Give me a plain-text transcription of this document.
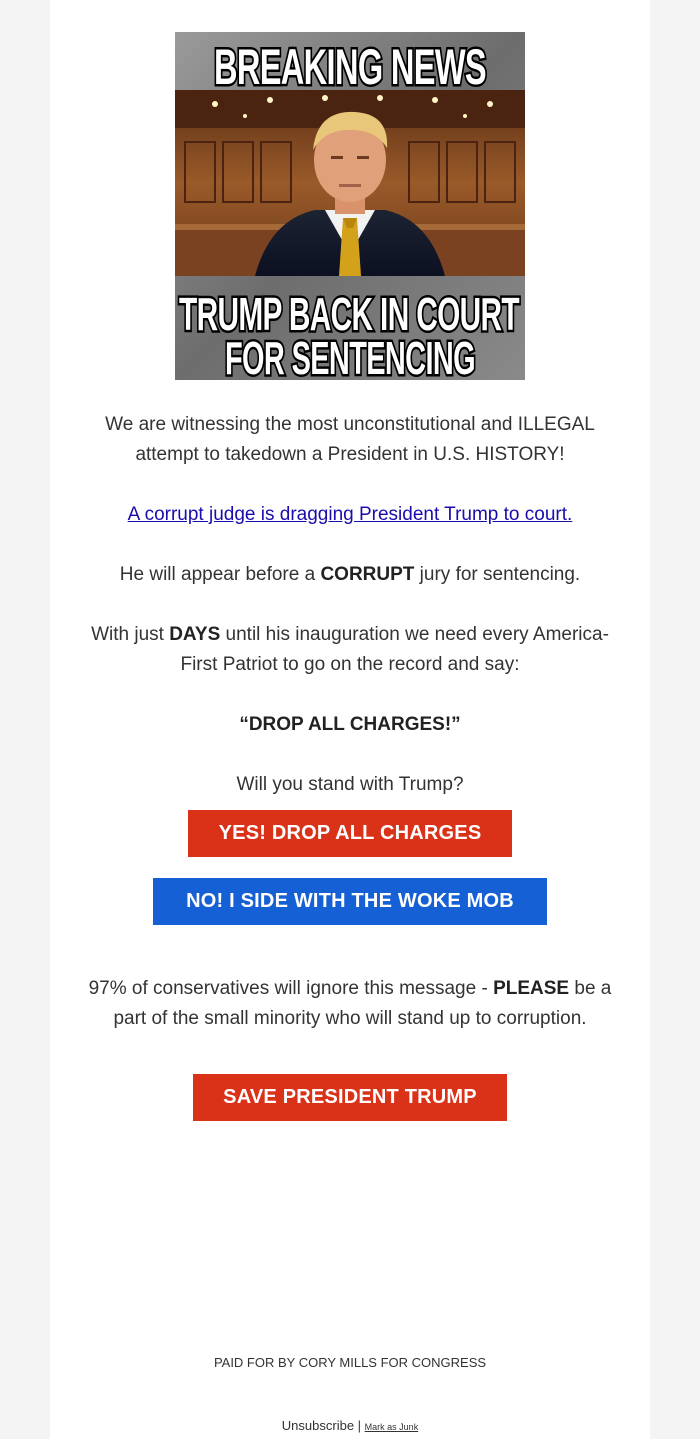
BREAKING NEWS
TRUMP BACK IN COURT
FOR SENTENCING

We are witnessing the most unconstitutional and ILLEGAL
attempt to takedown a President in U.S. HISTORY!

A corrupt judge is dragging President Trump to court.

He will appear before a CORRUPT jury for sentencing.

With just DAYS until his inauguration we need every America-
First Patriot to go on the record and say:

“DROP ALL CHARGES!”

Will you stand with Trump?

YES! DROP ALL CHARGES
NO! I SIDE WITH THE WOKE MOB

97% of conservatives will ignore this message - PLEASE be a
part of the small minority who will stand up to corruption.

SAVE PRESIDENT TRUMP
PAID FOR BY CORY MILLS FOR CONGRESS
Unsubscribe | Mark as Junk
